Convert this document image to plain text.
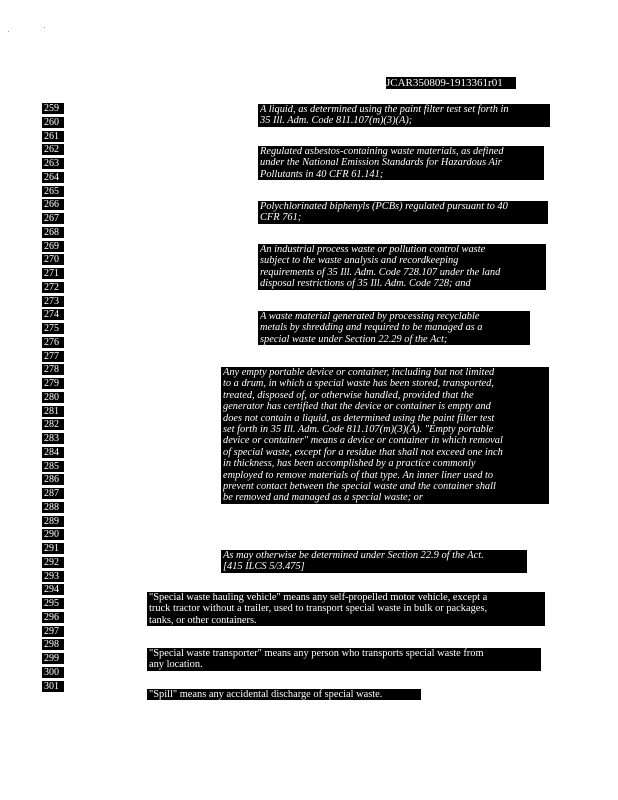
JCAR350809-1913361r01
259
260
261
262
263
264
265
266
267
268
269
270
271
272
273
274
275
276
277
278
279
280
281
282
283
284
285
286
287
288
289
290
291
292
293
294
295
296
297
298
299
300
301
A liquid, as determined using the paint filter test set forth in
35 Ill. Adm. Code 811.107(m)(3)(A);
Regulated asbestos-containing waste materials, as defined
under the National Emission Standards for Hazardous Air
Pollutants in 40 CFR 61.141;
Polychlorinated biphenyls (PCBs) regulated pursuant to 40
CFR 761;
An industrial process waste or pollution control waste
subject to the waste analysis and recordkeeping
requirements of 35 Ill. Adm. Code 728.107 under the land
disposal restrictions of 35 Ill. Adm. Code 728; and
A waste material generated by processing recyclable
metals by shredding and required to be managed as a
special waste under Section 22.29 of the Act;
Any empty portable device or container, including but not limited
to a drum, in which a special waste has been stored, transported,
treated, disposed of, or otherwise handled, provided that the
generator has certified that the device or container is empty and
does not contain a liquid, as determined using the paint filter test
set forth in 35 Ill. Adm. Code 811.107(m)(3)(A). "Empty portable
device or container" means a device or container in which removal
of special waste, except for a residue that shall not exceed one inch
in thickness, has been accomplished by a practice commonly
employed to remove materials of that type. An inner liner used to
prevent contact between the special waste and the container shall
be removed and managed as a special waste; or
As may otherwise be determined under Section 22.9 of the Act.
[415 ILCS 5/3.475]
"Special waste hauling vehicle" means any self-propelled motor vehicle, except a
truck tractor without a trailer, used to transport special waste in bulk or packages,
tanks, or other containers.
"Special waste transporter" means any person who transports special waste from
any location.
"Spill" means any accidental discharge of special waste.
